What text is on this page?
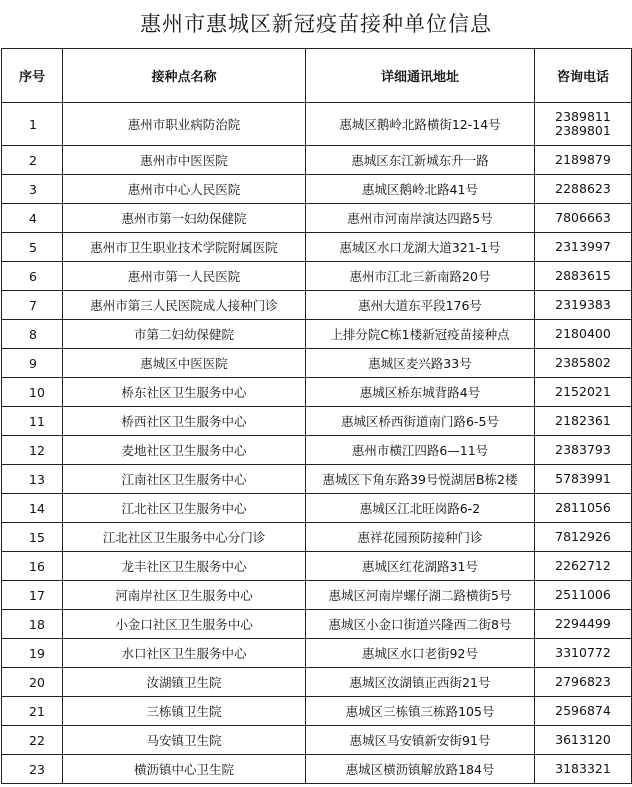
惠州市惠城区新冠疫苗接种单位信息
序号	接种点名称	详细通讯地址	咨询电话
1	惠州市职业病防治院	惠城区鹅岭北路横街12-14号	2389811
2389801

2	惠州市中医医院	惠城区东江新城东升一路	2189879

3	惠州市中心人民医院	惠城区鹅岭北路41号	2288623

4	惠州市第一妇幼保健院	惠州市河南岸演达四路5号	7806663

5	惠州市卫生职业技术学院附属医院	惠城区水口龙湖大道321-1号	2313997

6	惠州市第一人民医院	惠州市江北三新南路20号	2883615

7	惠州市第三人民医院成人接种门诊	惠州大道东平段176号	2319383

8	市第二妇幼保健院	上排分院C栋1楼新冠疫苗接种点	2180400

9	惠城区中医医院	惠城区麦兴路33号	2385802

10	桥东社区卫生服务中心	惠城区桥东城背路4号	2152021

11	桥西社区卫生服务中心	惠城区桥西街道南门路6-5号	2182361

12	麦地社区卫生服务中心	惠州市横江四路6—11号	2383793

13	江南社区卫生服务中心	惠城区下角东路39号悦湖居B栋2楼	5783991

14	江北社区卫生服务中心	惠城区江北旺岗路6-2	2811056

15	江北社区卫生服务中心分门诊	惠祥花园预防接种门诊	7812926

16	龙丰社区卫生服务中心	惠城区红花湖路31号	2262712

17	河南岸社区卫生服务中心	惠城区河南岸螺仔湖二路横街5号	2511006

18	小金口社区卫生服务中心	惠城区小金口街道兴隆西二街8号	2294499

19	水口社区卫生服务中心	惠城区水口老街92号	3310772

20	汝湖镇卫生院	惠城区汝湖镇正西街21号	2796823

21	三栋镇卫生院	惠城区三栋镇三栋路105号	2596874

22	马安镇卫生院	惠城区马安镇新安街91号	3613120

23	横沥镇中心卫生院	惠城区横沥镇解放路184号	3183321
